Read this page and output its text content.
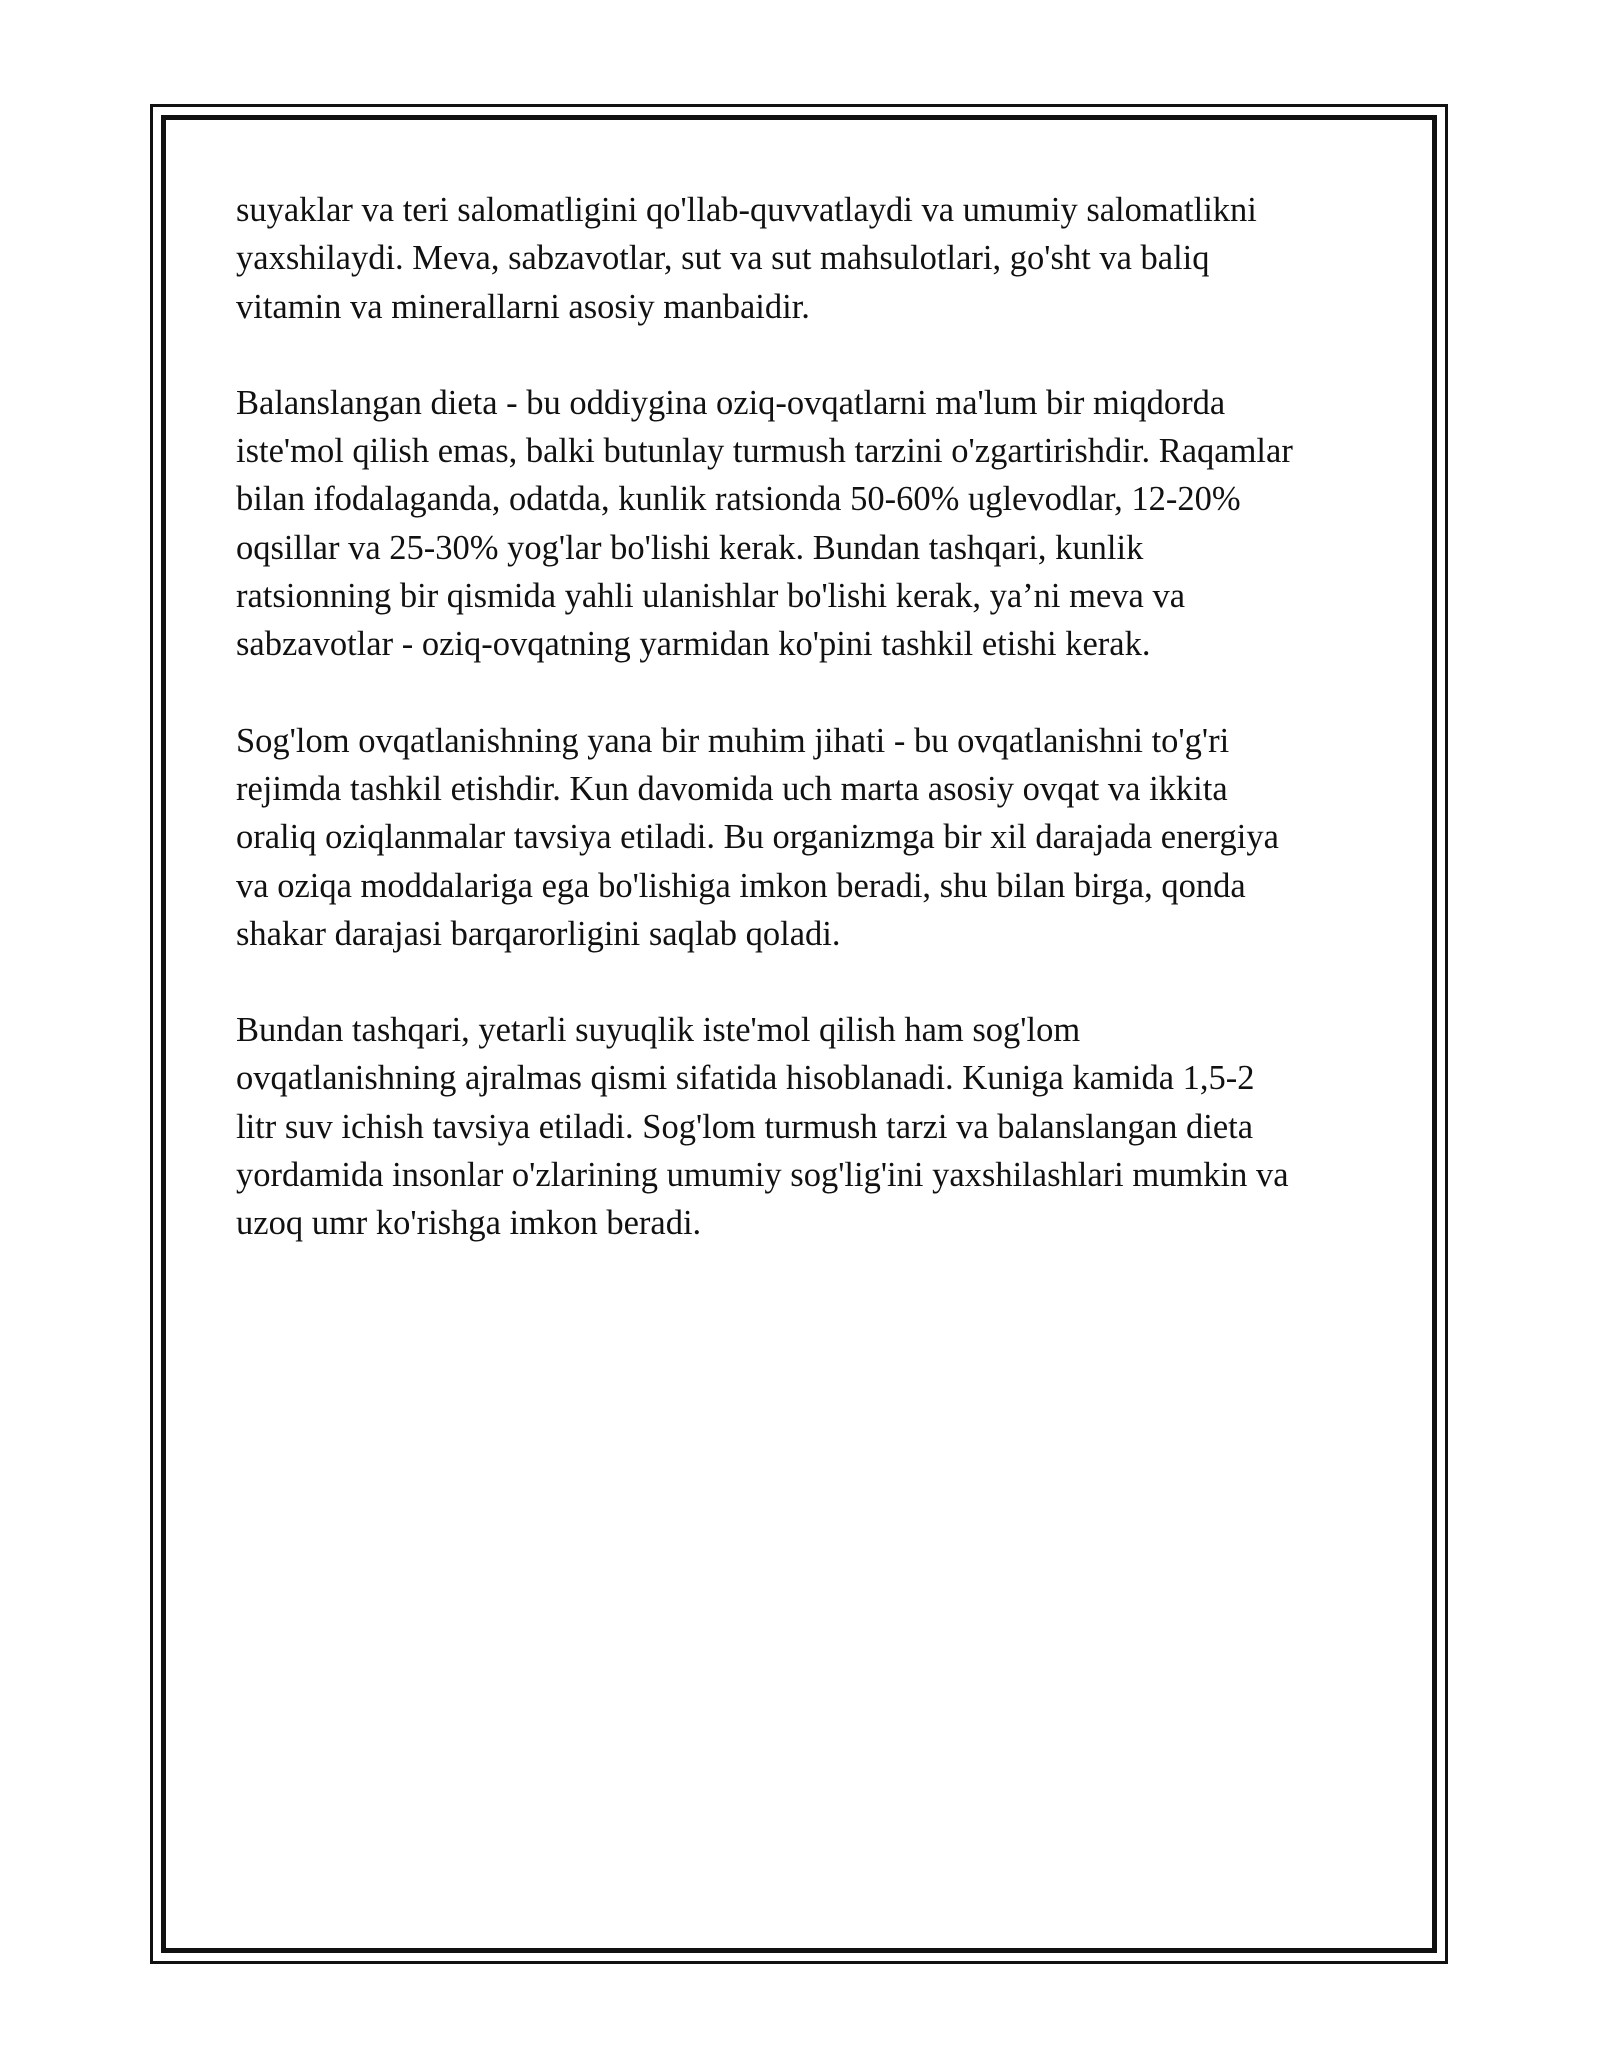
suyaklar va teri salomatligini qo'llab-quvvatlaydi va umumiy salomatlikni
yaxshilaydi. Meva, sabzavotlar, sut va sut mahsulotlari, go'sht va baliq
vitamin va minerallarni asosiy manbaidir.

Balanslangan dieta - bu oddiygina oziq-ovqatlarni ma'lum bir miqdorda
iste'mol qilish emas, balki butunlay turmush tarzini o'zgartirishdir. Raqamlar
bilan ifodalaganda, odatda, kunlik ratsionda 50-60% uglevodlar, 12-20%
oqsillar va 25-30% yog'lar bo'lishi kerak. Bundan tashqari, kunlik
ratsionning bir qismida yahli ulanishlar bo'lishi kerak, ya’ni meva va
sabzavotlar - oziq-ovqatning yarmidan ko'pini tashkil etishi kerak.

Sog'lom ovqatlanishning yana bir muhim jihati - bu ovqatlanishni to'g'ri
rejimda tashkil etishdir. Kun davomida uch marta asosiy ovqat va ikkita
oraliq oziqlanmalar tavsiya etiladi. Bu organizmga bir xil darajada energiya
va oziqa moddalariga ega bo'lishiga imkon beradi, shu bilan birga, qonda
shakar darajasi barqarorligini saqlab qoladi.

Bundan tashqari, yetarli suyuqlik iste'mol qilish ham sog'lom
ovqatlanishning ajralmas qismi sifatida hisoblanadi. Kuniga kamida 1,5-2
litr suv ichish tavsiya etiladi. Sog'lom turmush tarzi va balanslangan dieta
yordamida insonlar o'zlarining umumiy sog'lig'ini yaxshilashlari mumkin va
uzoq umr ko'rishga imkon beradi.
